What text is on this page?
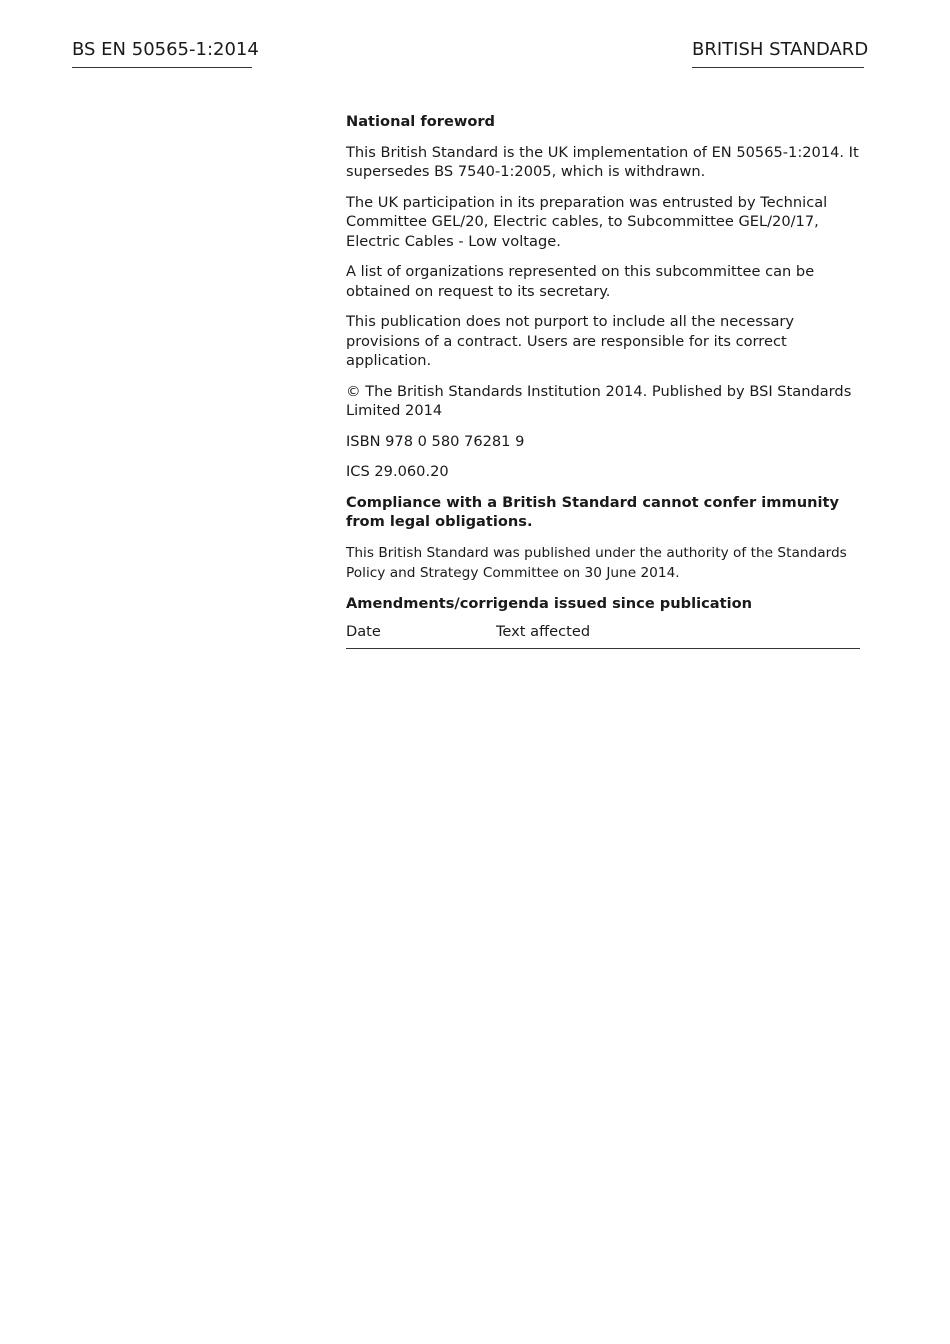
BS EN 50565-1:2014	BRITISH STANDARD

National foreword

This British Standard is the UK implementation of EN 50565-1:2014. It supersedes BS 7540-1:2005, which is withdrawn.

The UK participation in its preparation was entrusted by Technical Committee GEL/20, Electric cables, to Subcommittee GEL/20/17, Electric Cables - Low voltage.

A list of organizations represented on this subcommittee can be obtained on request to its secretary.

This publication does not purport to include all the necessary provisions of a contract. Users are responsible for its correct application.

© The British Standards Institution 2014. Published by BSI Standards Limited 2014

ISBN 978 0 580 76281 9

ICS 29.060.20

Compliance with a British Standard cannot confer immunity from legal obligations.

This British Standard was published under the authority of the Standards Policy and Strategy Committee on 30 June 2014.

Amendments/corrigenda issued since publication

Date	Text affected
